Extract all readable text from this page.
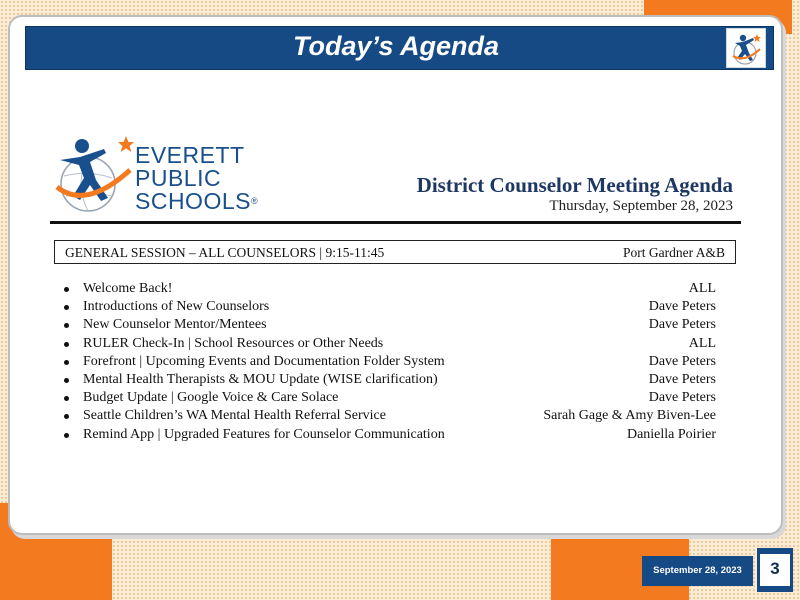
Today’s Agenda
EVERETT
PUBLIC
SCHOOLS®
District Counselor Meeting Agenda
Thursday, September 28, 2023
GENERAL SESSION – ALL COUNSELORS | 9:15-11:45	Port Gardner A&B
Welcome Back!	ALL
Introductions of New Counselors	Dave Peters
New Counselor Mentor/Mentees	Dave Peters
RULER Check-In | School Resources or Other Needs	ALL
Forefront | Upcoming Events and Documentation Folder System	Dave Peters
Mental Health Therapists & MOU Update (WISE clarification)	Dave Peters
Budget Update | Google Voice & Care Solace	Dave Peters
Seattle Children’s WA Mental Health Referral Service	Sarah Gage & Amy Biven-Lee
Remind App | Upgraded Features for Counselor Communication	Daniella Poirier
September 28, 2023	3
